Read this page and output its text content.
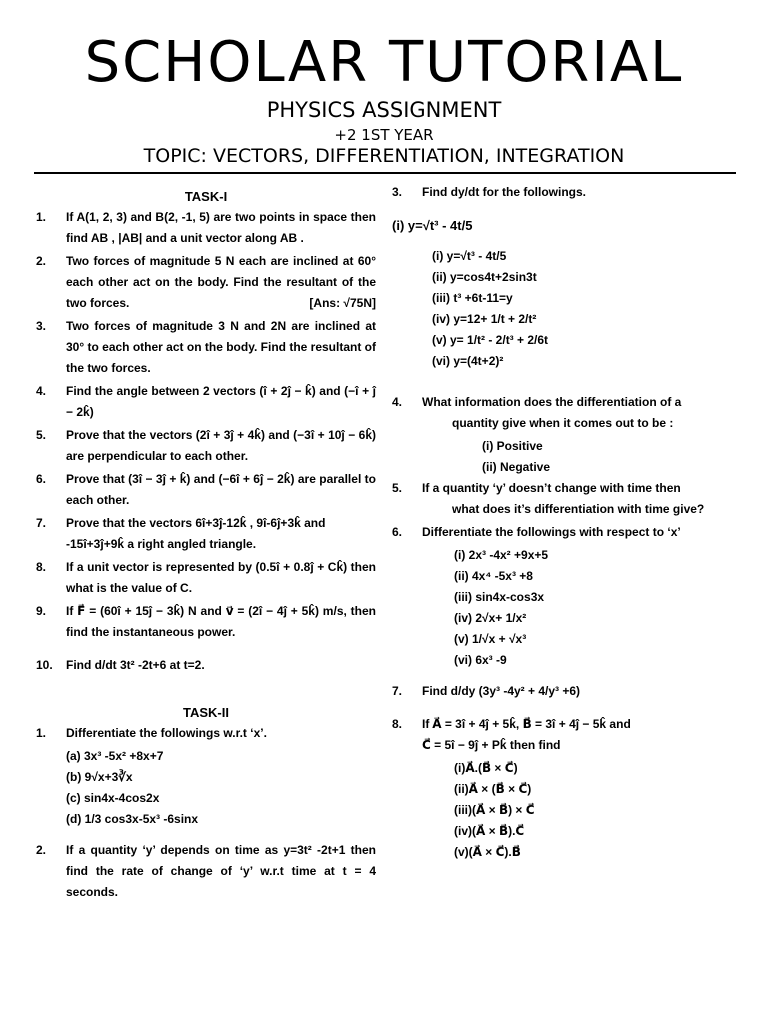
SCHOLAR TUTORIAL
PHYSICS ASSIGNMENT
+2 1ST YEAR
TOPIC: VECTORS, DIFFERENTIATION, INTEGRATION
TASK-I
1.	If A(1, 2, 3) and B(2, -1, 5) are two points in space then find AB , |AB| and a unit vector along AB .
2.	Two forces of magnitude 5 N each are inclined at 60° each other act on the body. Find the resultant of the two forces.	[Ans: √75N]
3.	Two forces of magnitude 3 N and 2N are inclined at 30° to each other act on the body. Find the resultant of the two forces.
4.	Find the angle between 2 vectors (î + 2ĵ − k̂) and (−î + ĵ − 2k̂)
5.	Prove that the vectors (2î + 3ĵ + 4k̂) and (−3î + 10ĵ − 6k̂) are perpendicular to each other.
6.	Prove that (3î − 3ĵ + k̂) and (−6î + 6ĵ − 2k̂) are parallel to each other.
7.	Prove that the vectors 6î+3ĵ-12k̂ , 9î-6ĵ+3k̂ and
-15î+3ĵ+9k̂ a right angled triangle.
8.	If a unit vector is represented by (0.5î + 0.8ĵ + Ck̂) then what is the value of C.
9.	If F⃗ = (60î + 15ĵ − 3k̂) N and v⃗ = (2î − 4ĵ + 5k̂) m/s, then find the instantaneous power.
10.	Find d/dt 3t² -2t+6 at t=2.
TASK-II
1.	Differentiate the followings w.r.t ‘x’.
(a) 3x³ -5x² +8x+7
(b) 9√x+3∛x
(c) sin4x-4cos2x
(d) 1/3 cos3x-5x³ -6sinx
2.	If a quantity ‘y’ depends on time as y=3t² -2t+1 then find the rate of change of ‘y’ w.r.t time at t = 4 seconds.
3.	Find dy/dt for the followings.
(i) y=√t³ - 4t/5
(i) y=√t³ - 4t/5
(ii) y=cos4t+2sin3t
(iii) t³ +6t-11=y
(iv) y=12+ 1/t + 2/t²
(v) y= 1/t² - 2/t³ + 2/6t
(vi) y=(4t+2)²
4.	What information does the differentiation of a
quantity give when it comes out to be :
(i) Positive
(ii) Negative
5.	If a quantity ‘y’ doesn’t change with time then
what does it’s differentiation with time give?
6.	Differentiate the followings with respect to ‘x’
(i) 2x³ -4x² +9x+5
(ii) 4x⁴ -5x³ +8
(iii) sin4x-cos3x
(iv) 2√x+ 1/x²
(v) 1/√x + √x³
(vi) 6x³ -9
7.	Find d/dy (3y³ -4y² + 4/y³ +6)
8.	If A⃗ = 3î + 4ĵ + 5k̂, B⃗ = 3î + 4ĵ − 5k̂ and
C⃗ = 5î − 9ĵ + Pk̂ then find
(i)A⃗.(B⃗ × C⃗)
(ii)A⃗ × (B⃗ × C⃗)
(iii)(A⃗ × B⃗) × C⃗
(iv)(A⃗ × B⃗).C⃗
(v)(A⃗ × C⃗).B⃗
